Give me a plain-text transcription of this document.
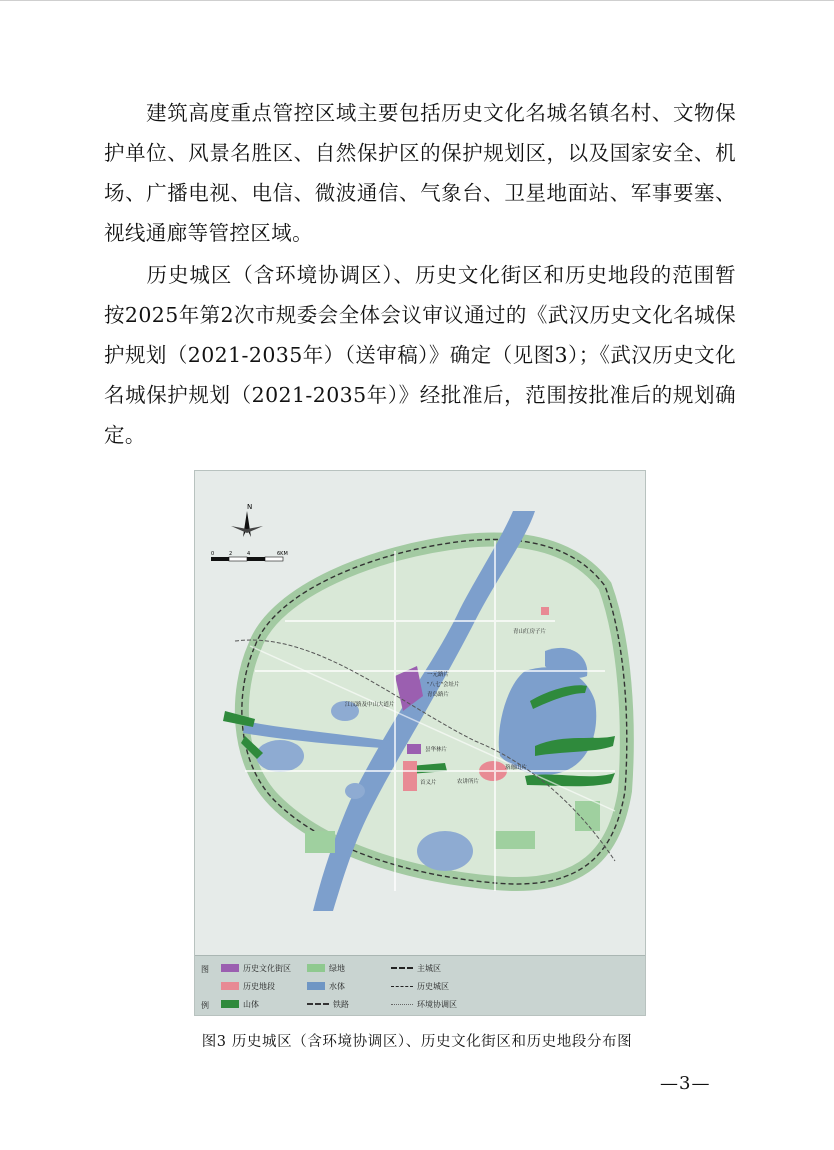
建筑高度重点管控区域主要包括历史文化名城名镇名村、文物保护单位、风景名胜区、自然保护区的保护规划区，以及国家安全、机场、广播电视、电信、微波通信、气象台、卫星地面站、军事要塞、视线通廊等管控区域。

历史城区（含环境协调区）、历史文化街区和历史地段的范围暂按2025年第2次市规委会全体会议审议通过的《武汉历史文化名城保护规划（2021-2035年）（送审稿）》确定（见图3）；《武汉历史文化名城保护规划（2021-2035年）》经批准后，范围按批准后的规划确定。

N
0	2	4	6KM
青山红房子片
江汉路及中山大道片
一元路片
"八七"会址片
青岛路片
昙华林片
首义片
珞珈山片
农讲所片
图
例
历史文化街区
历史地段
山体
绿地
水体
铁路
主城区
历史城区
环境协调区
图3 历史城区（含环境协调区）、历史文化街区和历史地段分布图
—3—
